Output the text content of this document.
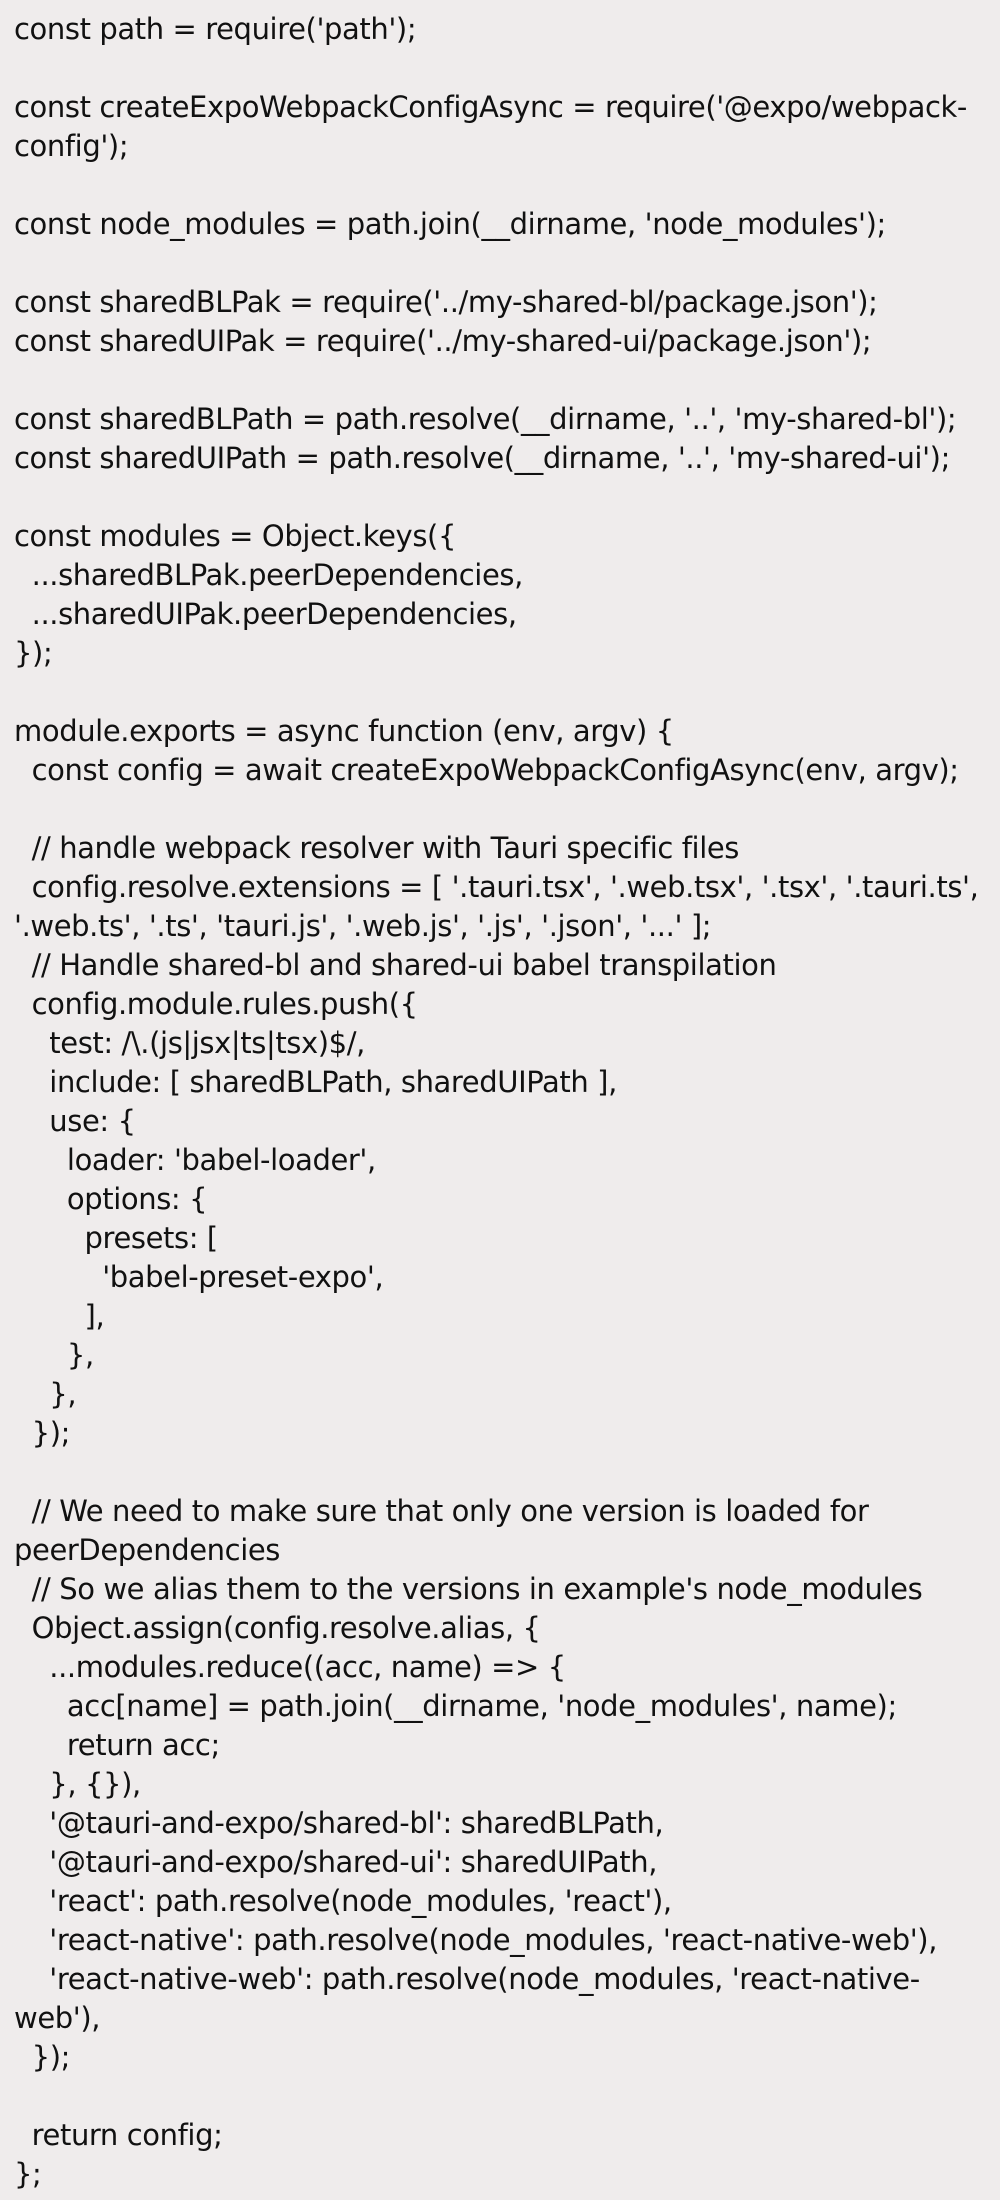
const path = require('path');
const createExpoWebpackConfigAsync = require('@expo/webpack-config');
const node_modules = path.join(__dirname, 'node_modules');
const sharedBLPak = require('../my-shared-bl/package.json');
const sharedUIPak = require('../my-shared-ui/package.json');
const sharedBLPath = path.resolve(__dirname, '..', 'my-shared-bl');
const sharedUIPath = path.resolve(__dirname, '..', 'my-shared-ui');
const modules = Object.keys({
...sharedBLPak.peerDependencies,
...sharedUIPak.peerDependencies,
});
module.exports = async function (env, argv) {
const config = await createExpoWebpackConfigAsync(env, argv);
// handle webpack resolver with Tauri specific files
config.resolve.extensions = [ '.tauri.tsx', '.web.tsx', '.tsx', '.tauri.ts', '.web.ts', '.ts', 'tauri.js', '.web.js', '.js', '.json', '...' ];
// Handle shared-bl and shared-ui babel transpilation
config.module.rules.push({
test: /\.(js|jsx|ts|tsx)$/,
include: [ sharedBLPath, sharedUIPath ],
use: {
loader: 'babel-loader',
options: {
presets: [
'babel-preset-expo',
],
},
},
});
// We need to make sure that only one version is loaded for peerDependencies
// So we alias them to the versions in example's node_modules
Object.assign(config.resolve.alias, {
...modules.reduce((acc, name) => {
acc[name] = path.join(__dirname, 'node_modules', name);
return acc;
}, {}),
'@tauri-and-expo/shared-bl': sharedBLPath,
'@tauri-and-expo/shared-ui': sharedUIPath,
'react': path.resolve(node_modules, 'react'),
'react-native': path.resolve(node_modules, 'react-native-web'),
'react-native-web': path.resolve(node_modules, 'react-native-web'),
});
return config;
};
